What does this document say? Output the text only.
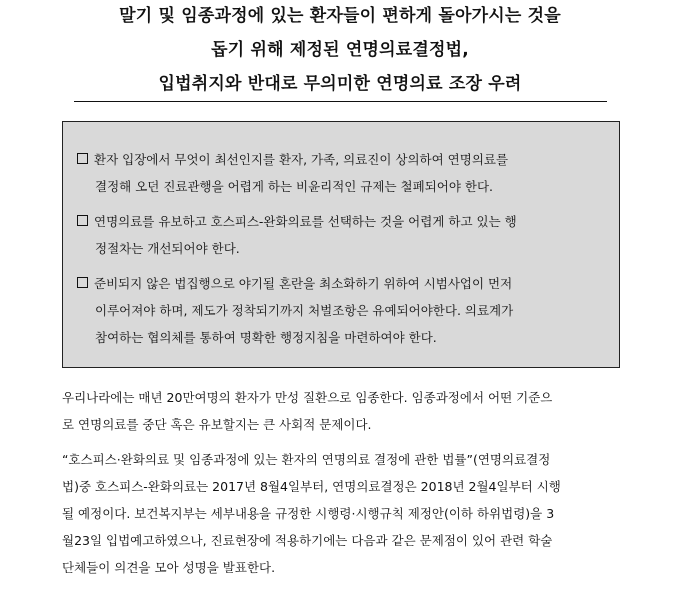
말기 및 임종과정에 있는 환자들이 편하게 돌아가시는 것을
돕기 위해 제정된 연명의료결정법,
입법취지와 반대로 무의미한 연명의료 조장 우려
환자 입장에서 무엇이 최선인지를 환자, 가족, 의료진이 상의하여 연명의료를
결정해 오던 진료관행을 어렵게 하는 비윤리적인 규제는 철폐되어야 한다.
연명의료를 유보하고 호스피스-완화의료를 선택하는 것을 어렵게 하고 있는 행
정절차는 개선되어야 한다.
준비되지 않은 법집행으로 야기될 혼란을 최소화하기 위하여 시범사업이 먼저
이루어져야 하며, 제도가 정착되기까지 처벌조항은 유예되어야한다. 의료계가
참여하는 협의체를 통하여 명확한 행정지침을 마련하여야 한다.
우리나라에는 매년 20만여명의 환자가 만성 질환으로 임종한다. 임종과정에서 어떤 기준으
로 연명의료를 중단 혹은 유보할지는 큰 사회적 문제이다.
“호스피스·완화의료 및 임종과정에 있는 환자의 연명의료 결정에 관한 법률”(연명의료결정
법)중 호스피스-완화의료는 2017년 8월4일부터, 연명의료결정은 2018년 2월4일부터 시행
될 예정이다. 보건복지부는 세부내용을 규정한 시행령·시행규칙 제정안(이하 하위법령)을 3
월23일 입법예고하였으나, 진료현장에 적용하기에는 다음과 같은 문제점이 있어 관련 학술
단체들이 의견을 모아 성명을 발표한다.
